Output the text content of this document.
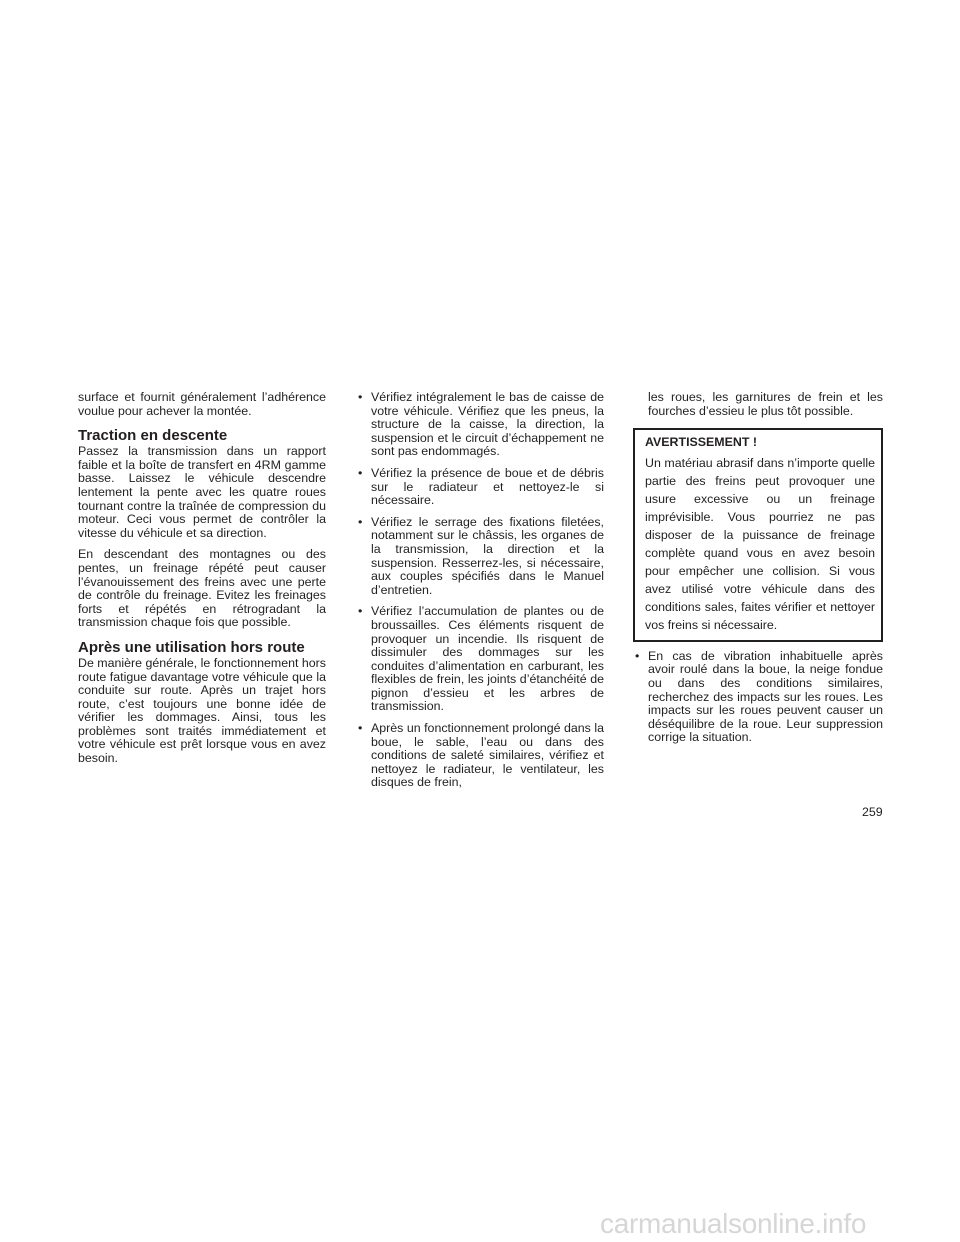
surface et fournit généralement l’adhérence voulue pour achever la montée.

Traction en descente

Passez la transmission dans un rapport faible et la boîte de transfert en 4RM gamme basse. Laissez le véhicule descendre lentement la pente avec les quatre roues tournant contre la traînée de compression du moteur. Ceci vous permet de contrôler la vitesse du véhicule et sa direction.

En descendant des montagnes ou des pentes, un freinage répété peut causer l’évanouissement des freins avec une perte de contrôle du freinage. Evitez les freinages forts et répétés en rétrogradant la transmission chaque fois que possible.

Après une utilisation hors route

De manière générale, le fonctionnement hors route fatigue davantage votre véhicule que la conduite sur route. Après un trajet hors route, c’est toujours une bonne idée de vérifier les dommages. Ainsi, tous les problèmes sont traités immédiatement et votre véhicule est prêt lorsque vous en avez besoin.

• Vérifiez intégralement le bas de caisse de votre véhicule. Vérifiez que les pneus, la structure de la caisse, la direction, la suspension et le circuit d’échappement ne sont pas endommagés.
• Vérifiez la présence de boue et de débris sur le radiateur et nettoyez-le si nécessaire.
• Vérifiez le serrage des fixations filetées, notamment sur le châssis, les organes de la transmission, la direction et la suspension. Resserrez-les, si nécessaire, aux couples spécifiés dans le Manuel d’entretien.
• Vérifiez l’accumulation de plantes ou de broussailles. Ces éléments risquent de provoquer un incendie. Ils risquent de dissimuler des dommages sur les conduites d’alimentation en carburant, les flexibles de frein, les joints d’étanchéité de pignon d’essieu et les arbres de transmission.
• Après un fonctionnement prolongé dans la boue, le sable, l’eau ou dans des conditions de saleté similaires, vérifiez et nettoyez le radiateur, le ventilateur, les disques de frein,

les roues, les garnitures de frein et les fourches d’essieu le plus tôt possible.

AVERTISSEMENT !

Un matériau abrasif dans n’importe quelle partie des freins peut provoquer une usure excessive ou un freinage imprévisible. Vous pourriez ne pas disposer de la puissance de freinage complète quand vous en avez besoin pour empêcher une collision. Si vous avez utilisé votre véhicule dans des conditions sales, faites vérifier et nettoyer vos freins si nécessaire.

• En cas de vibration inhabituelle après avoir roulé dans la boue, la neige fondue ou dans des conditions similaires, recherchez des impacts sur les roues. Les impacts sur les roues peuvent causer un déséquilibre de la roue. Leur suppression corrige la situation.
259
carmanualsonline.info
